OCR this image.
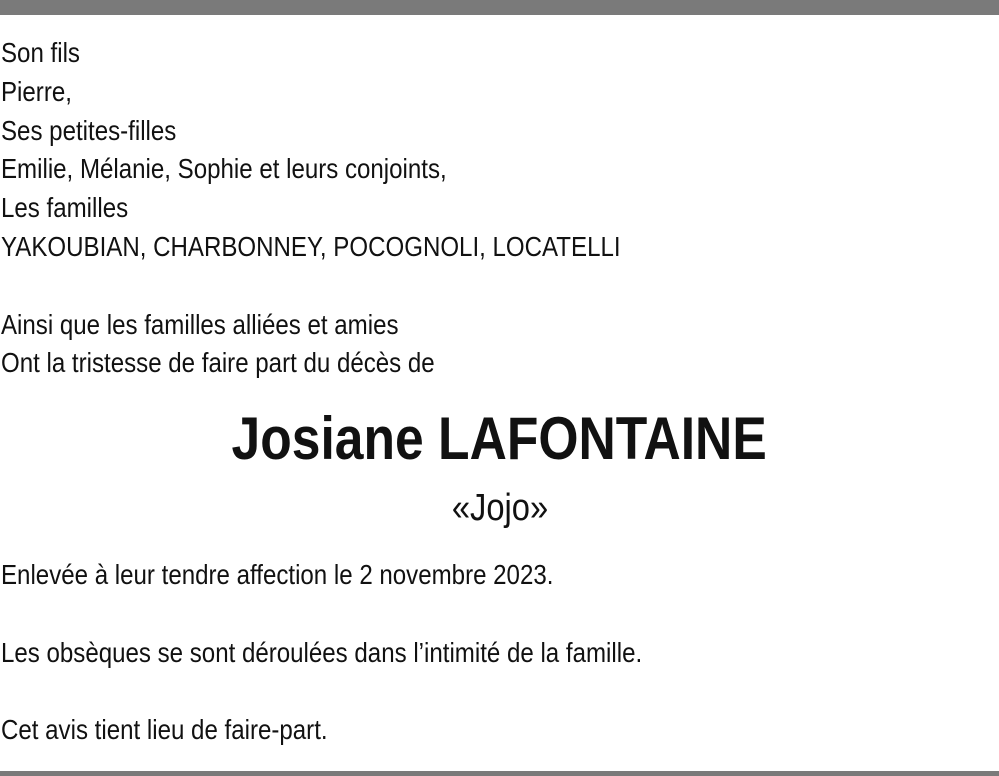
Son fils
Pierre,
Ses petites-filles
Emilie, Mélanie, Sophie et leurs conjoints,
Les familles
YAKOUBIAN, CHARBONNEY, POCOGNOLI, LOCATELLI
Ainsi que les familles alliées et amies
Ont la tristesse de faire part du décès de
Josiane LAFONTAINE
«Jojo»
Enlevée à leur tendre affection le 2 novembre 2023.
Les obsèques se sont déroulées dans l’intimité de la famille.
Cet avis tient lieu de faire-part.
